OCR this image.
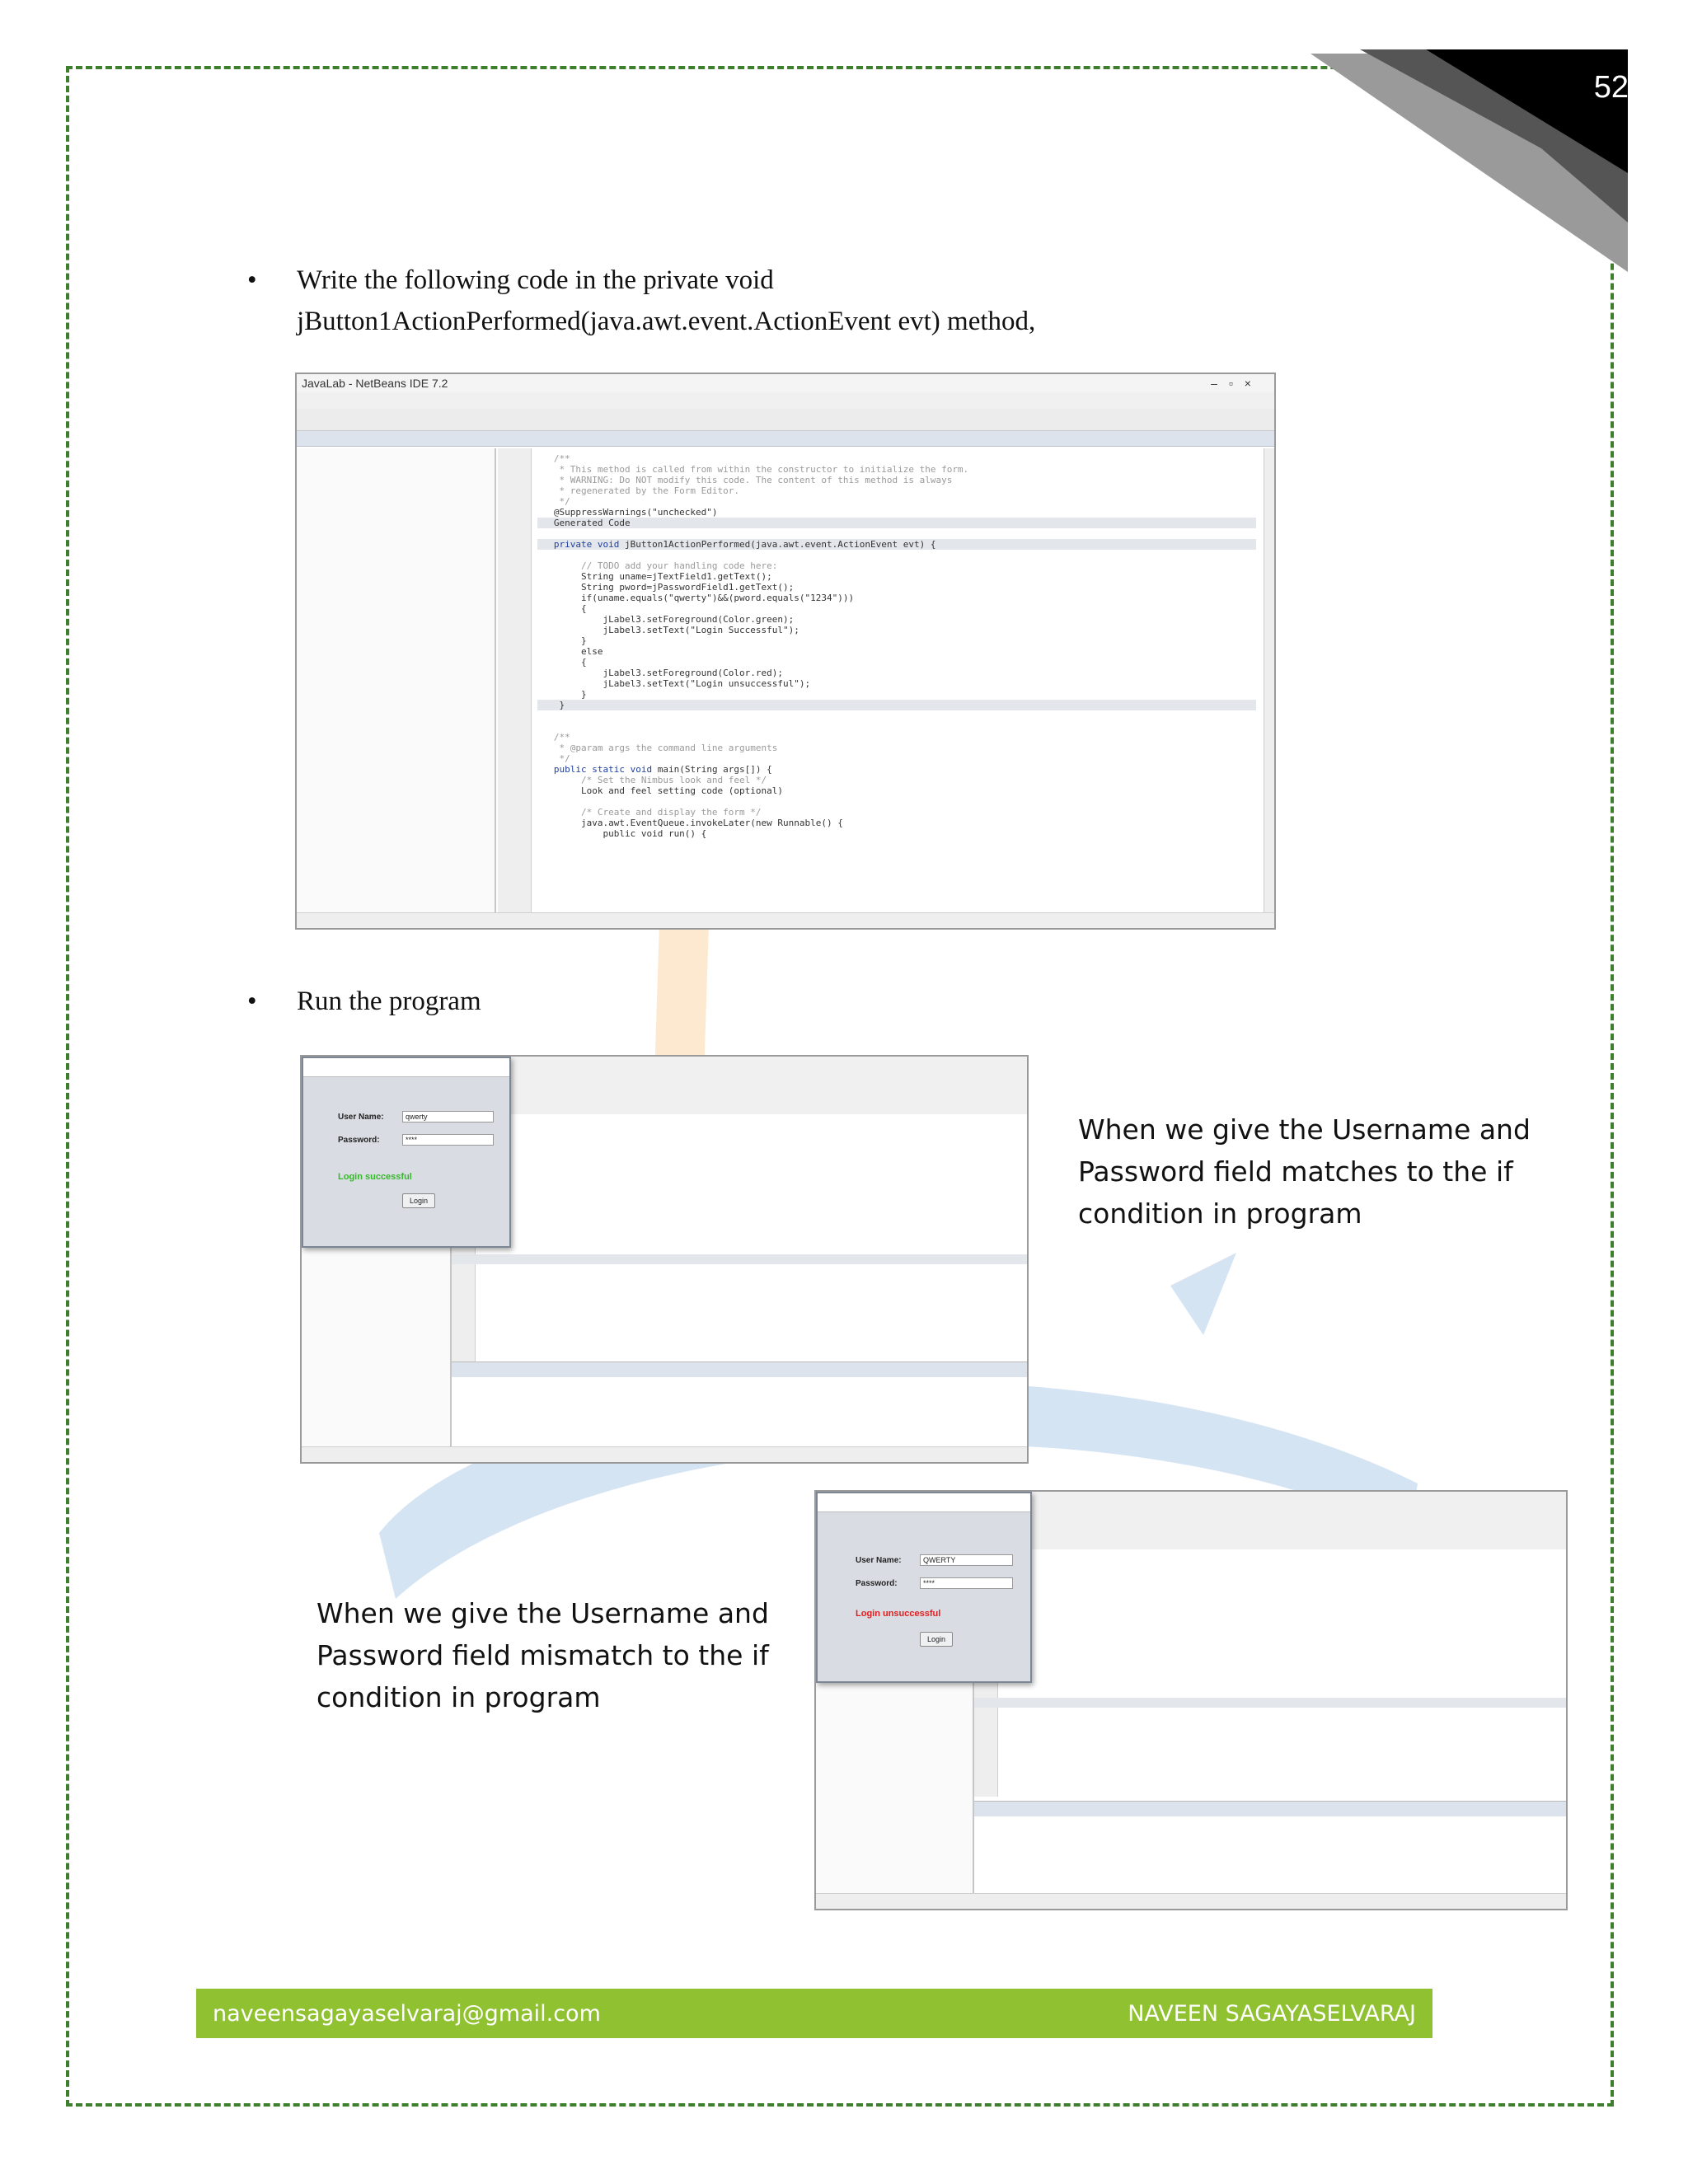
52
• Write the following code in the private void
jButton1ActionPerformed(java.awt.event.ActionEvent evt) method,
JavaLab - NetBeans IDE 7.2	–▫×
/**
* This method is called from within the constructor to initialize the form.
* WARNING: Do NOT modify this code. The content of this method is always
* regenerated by the Form Editor.
*/
@SuppressWarnings("unchecked")

Generated Code

private void jButton1ActionPerformed(java.awt.event.ActionEvent evt) {

// TODO add your handling code here:
String uname=jTextField1.getText();
String pword=jPasswordField1.getText();
if(uname.equals("qwerty")&&(pword.equals("1234")))
{
jLabel3.setForeground(Color.green);
jLabel3.setText("Login Successful");
}
else
{
jLabel3.setForeground(Color.red);
jLabel3.setText("Login unsuccessful");
}

}

/**
* @param args the command line arguments
*/
public static void main(String args[]) {
/* Set the Nimbus look and feel */
Look and feel setting code (optional)

/* Create and display the form */
java.awt.EventQueue.invokeLater(new Runnable() {
public void run() {
• Run the program
User Name:	qwerty
Password:	****
Login successful
Login
When we give the Username and
Password field matches to the if
condition in program
When we give the Username and
Password field mismatch to the if
condition in program
User Name:	QWERTY
Password:	****
Login unsuccessful
Login
naveensagayaselvaraj@gmail.com	NAVEEN SAGAYASELVARAJ
